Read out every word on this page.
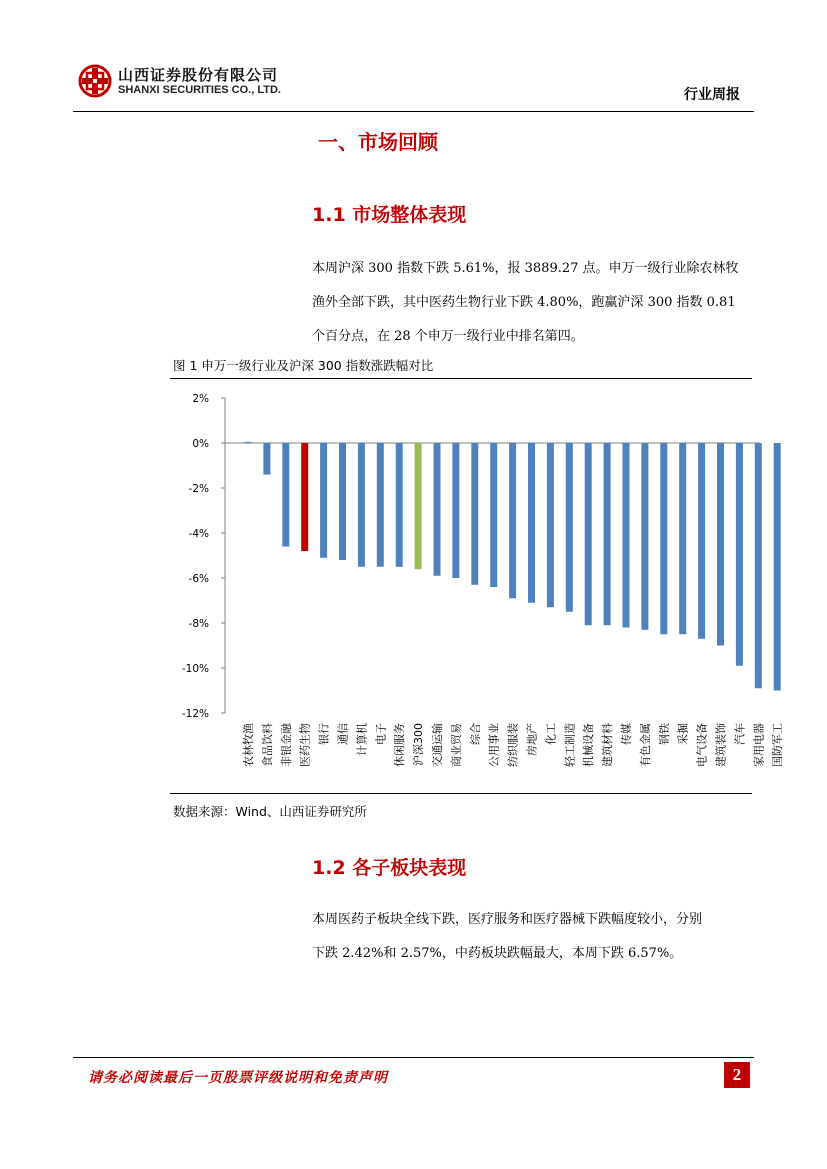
山西证券股份有限公司
SHANXI SECURITIES CO., LTD.	行业周报
一、市场回顾
1.1 市场整体表现

本周沪深 300 指数下跌 5.61%，报 3889.27 点。申万一级行业除农林牧

渔外全部下跌，其中医药生物行业下跌 4.80%，跑赢沪深 300 指数 0.81

个百分点，在 28 个申万一级行业中排名第四。

图 1 申万一级行业及沪深 300 指数涨跌幅对比
2%
0%
-2%
-4%
-6%
-8%
-10%
-12%
农林牧渔 食品饮料 非银金融 医药生物 银行 通信 计算机 电子 休闲服务 沪深300 交通运输 商业贸易 综合 公用事业 纺织服装 房地产 化工 轻工制造 机械设备 建筑材料 传媒 有色金属 钢铁 采掘 电气设备 建筑装饰 汽车 家用电器 国防军工
数据来源：Wind、山西证券研究所
1.2 各子板块表现

本周医药子板块全线下跌，医疗服务和医疗器械下跌幅度较小，分别

下跌 2.42%和 2.57%，中药板块跌幅最大，本周下跌 6.57%。

请务必阅读最后一页股票评级说明和免责声明	2
